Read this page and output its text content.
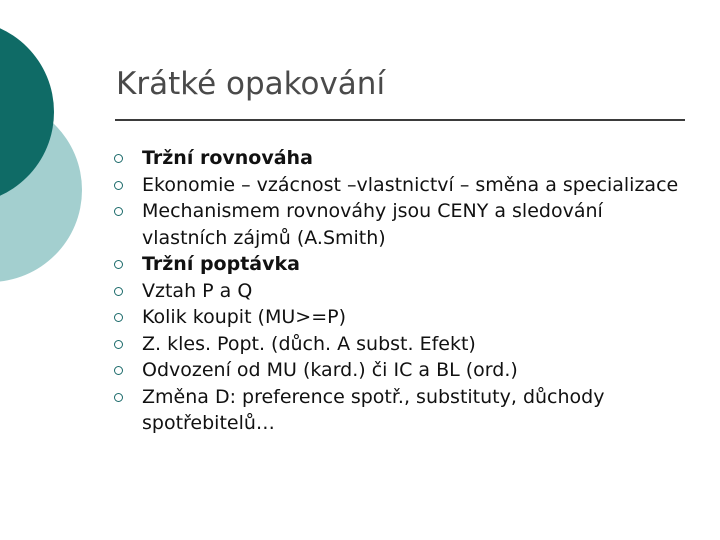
Krátké opakování
Tržní rovnováha
Ekonomie – vzácnost –vlastnictví – směna a specializace
Mechanismem rovnováhy jsou CENY a sledování vlastních zájmů (A.Smith)
Tržní poptávka
Vztah P a Q
Kolik koupit (MU>=P)
Z. kles. Popt. (důch. A subst. Efekt)
Odvození od MU (kard.) či IC a BL (ord.)
Změna D: preference spotř., substituty, důchody spotřebitelů…
